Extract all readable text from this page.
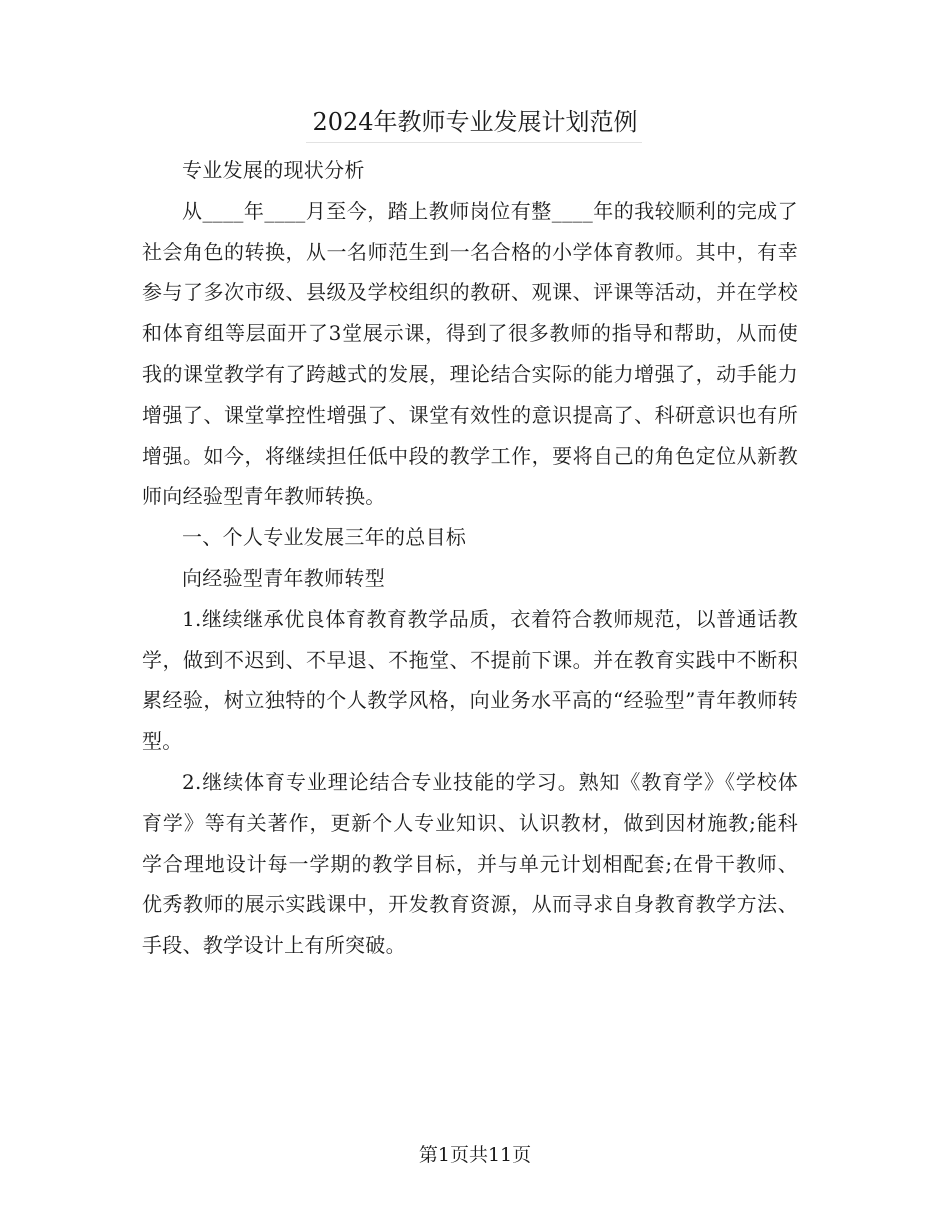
2024年教师专业发展计划范例

专业发展的现状分析

从____年____月至今，踏上教师岗位有整____年的我较顺利的完成了社会角色的转换，从一名师范生到一名合格的小学体育教师。其中，有幸参与了多次市级、县级及学校组织的教研、观课、评课等活动，并在学校和体育组等层面开了3堂展示课，得到了很多教师的指导和帮助，从而使我的课堂教学有了跨越式的发展，理论结合实际的能力增强了，动手能力增强了、课堂掌控性增强了、课堂有效性的意识提高了、科研意识也有所增强。如今，将继续担任低中段的教学工作，要将自己的角色定位从新教师向经验型青年教师转换。

一、个人专业发展三年的总目标

向经验型青年教师转型

1.继续继承优良体育教育教学品质，衣着符合教师规范，以普通话教学，做到不迟到、不早退、不拖堂、不提前下课。并在教育实践中不断积累经验，树立独特的个人教学风格，向业务水平高的“经验型”青年教师转型。

2.继续体育专业理论结合专业技能的学习。熟知《教育学》《学校体育学》等有关著作，更新个人专业知识、认识教材，做到因材施教;能科学合理地设计每一学期的教学目标，并与单元计划相配套;在骨干教师、优秀教师的展示实践课中，开发教育资源，从而寻求自身教育教学方法、手段、教学设计上有所突破。

第1页共11页
